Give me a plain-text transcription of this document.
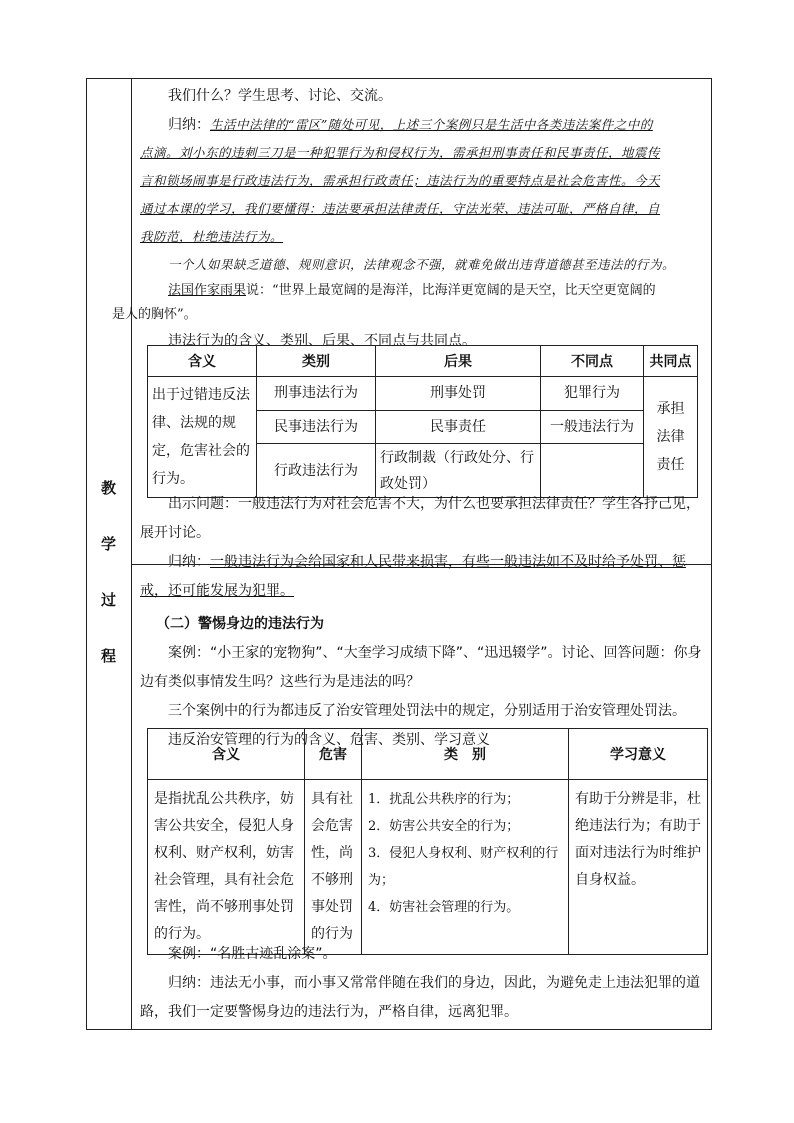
教
学
过
程

我们什么？学生思考、讨论、交流。

归纳：生活中法律的“雷区”随处可见，上述三个案例只是生活中各类违法案件之中的

点滴。刘小东的违刺三刀是一种犯罪行为和侵权行为，需承担刑事责任和民事责任，地震传
言和锁场闹事是行政违法行为，需承担行政责任；违法行为的重要特点是社会危害性。今天
通过本课的学习，我们要懂得：违法要承担法律责任，守法光荣、违法可耻，严格自律，自
我防范，杜绝违法行为。

一个人如果缺乏道德、规则意识，法律观念不强，就难免做出违背道德甚至违法的行为。

法国作家雨果说：“世界上最宽阔的是海洋，比海洋更宽阔的是天空，比天空更宽阔的
是人的胸怀”。

违法行为的含义、类别、后果、不同点与共同点。

含义	类别	后果	不同点	共同点
出于过错违反法律、法规的规定，危害社会的行为。	刑事违法行为	刑事处罚	犯罪行为	承担法律责任
	民事违法行为	民事责任	一般违法行为	
	行政违法行为	行政制裁（行政处分、行政处罚）		

出示问题：一般违法行为对社会危害不大，为什么也要承担法律责任？学生各抒己见，展开讨论。

归纳：一般违法行为会给国家和人民带来损害，有些一般违法如不及时给予处罚、惩戒，还可能发展为犯罪。

（二）警惕身边的违法行为

案例：“小王家的宠物狗”、“大奎学习成绩下降”、“迅迅辍学”。讨论、回答问题：你身边有类似事情发生吗？这些行为是违法的吗？

三个案例中的行为都违反了治安管理处罚法中的规定，分别适用于治安管理处罚法。

违反治安管理的行为的含义、危害、类别、学习意义

含义	危害	类　别	学习意义
是指扰乱公共秩序，妨害公共安全，侵犯人身权利、财产权利，妨害社会管理，具有社会危害性，尚不够刑事处罚的行为。	具有社会危害性，尚不够刑事处罚的行为	1．扰乱公共秩序的行为；
2．妨害公共安全的行为；
3．侵犯人身权利、财产权利的行为；
4．妨害社会管理的行为。	有助于分辨是非，杜绝违法行为；有助于面对违法行为时维护自身权益。

案例：“名胜古迹乱涂案”。

归纳：违法无小事，而小事又常常伴随在我们的身边，因此，为避免走上违法犯罪的道路，我们一定要警惕身边的违法行为，严格自律，远离犯罪。
